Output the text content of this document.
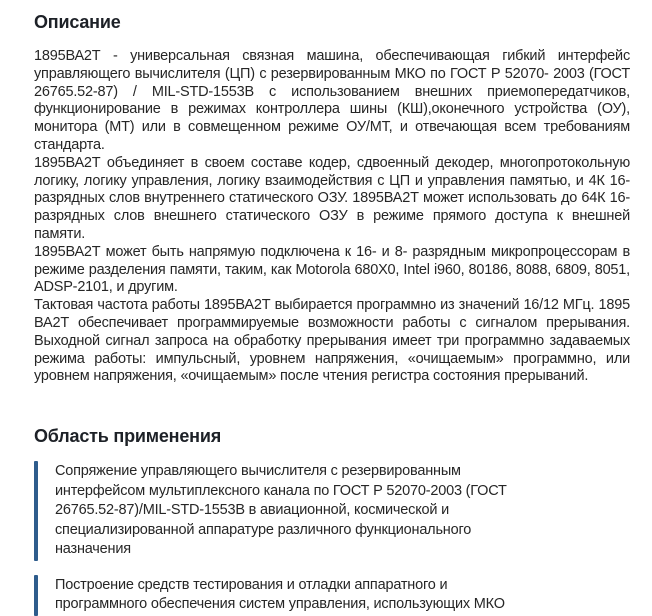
Описание

1895ВА2Т - универсальная связная машина, обеспечивающая гибкий интерфейс управляющего вычислителя (ЦП) с резервированным МКО по ГОСТ Р 52070- 2003 (ГОСТ 26765.52-87) / MIL-STD-1553B с использованием внешних приемопередатчиков, функционирование в режимах контроллера шины (КШ),оконечного устройства (ОУ), монитора (МТ) или в совмещенном режиме ОУ/МТ, и отвечающая всем требованиям стандарта.

1895ВА2Т объединяет в своем составе кодер, сдвоенный декодер, многопротокольную логику, логику управления, логику взаимодействия с ЦП и управления памятью, и 4К 16-разрядных слов внутреннего статического ОЗУ. 1895ВА2Т может использовать до 64К 16-разрядных слов внешнего статического ОЗУ в режиме прямого доступа к внешней памяти.

1895ВА2Т может быть напрямую подключена к 16- и 8- разрядным микропроцессорам в режиме разделения памяти, таким, как Motorola 680X0, Intel i960, 80186, 8088, 6809, 8051, ADSP-2101, и другим.

Тактовая частота работы 1895ВА2Т выбирается программно из значений 16/12 МГц. 1895 ВА2Т обеспечивает программируемые возможности работы с сигналом прерывания. Выходной сигнал запроса на обработку прерывания имеет три программно задаваемых режима работы: импульсный, уровнем напряжения, «очищаемым» программно, или уровнем напряжения, «очищаемым» после чтения регистра состояния прерываний.

Область применения

Сопряжение управляющего вычислителя с резервированным интерфейсом мультиплексного канала по ГОСТ Р 52070-2003 (ГОСТ 26765.52-87)/MIL-STD-1553B в авиационной, космической и специализированной аппаратуре различного функционального назначения

Построение средств тестирования и отладки аппаратного и программного обеспечения систем управления, использующих МКО
